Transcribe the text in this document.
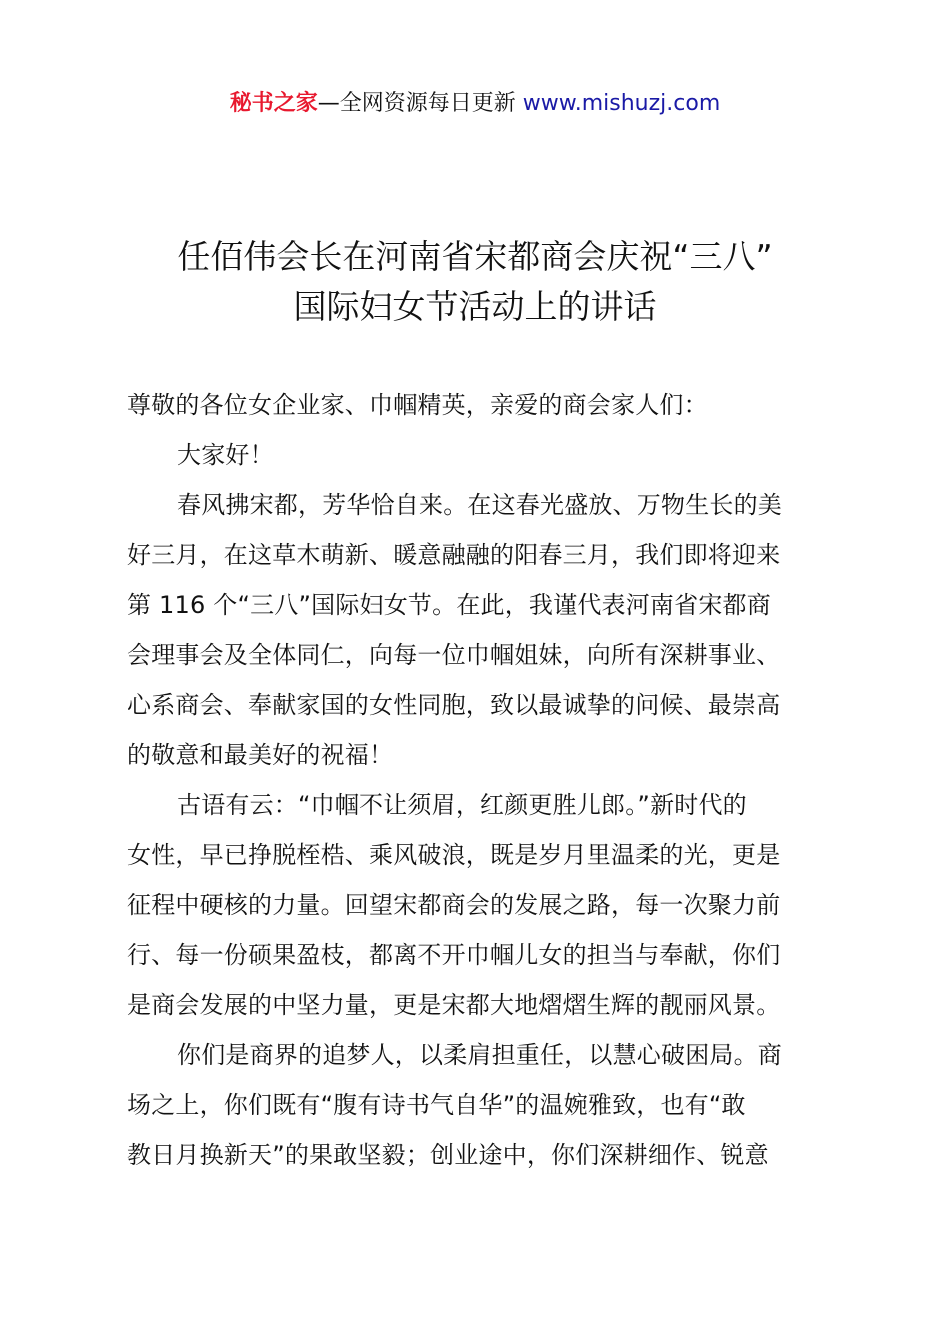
秘书之家—全网资源每日更新 www.mishuzj.com
任佰伟会长在河南省宋都商会庆祝“三八”
国际妇女节活动上的讲话

尊敬的各位女企业家、巾帼精英，亲爱的商会家人们：

大家好！

春风拂宋都，芳华恰自来。在这春光盛放、万物生长的美
好三月，在这草木萌新、暖意融融的阳春三月，我们即将迎来
第 116 个“三八”国际妇女节。在此，我谨代表河南省宋都商
会理事会及全体同仁，向每一位巾帼姐妹，向所有深耕事业、
心系商会、奉献家国的女性同胞，致以最诚挚的问候、最崇高
的敬意和最美好的祝福！

古语有云：“巾帼不让须眉，红颜更胜儿郎。”新时代的
女性，早已挣脱桎梏、乘风破浪，既是岁月里温柔的光，更是
征程中硬核的力量。回望宋都商会的发展之路，每一次聚力前
行、每一份硕果盈枝，都离不开巾帼儿女的担当与奉献，你们
是商会发展的中坚力量，更是宋都大地熠熠生辉的靓丽风景。

你们是商界的追梦人，以柔肩担重任，以慧心破困局。商
场之上，你们既有“腹有诗书气自华”的温婉雅致，也有“敢
教日月换新天”的果敢坚毅；创业途中，你们深耕细作、锐意
